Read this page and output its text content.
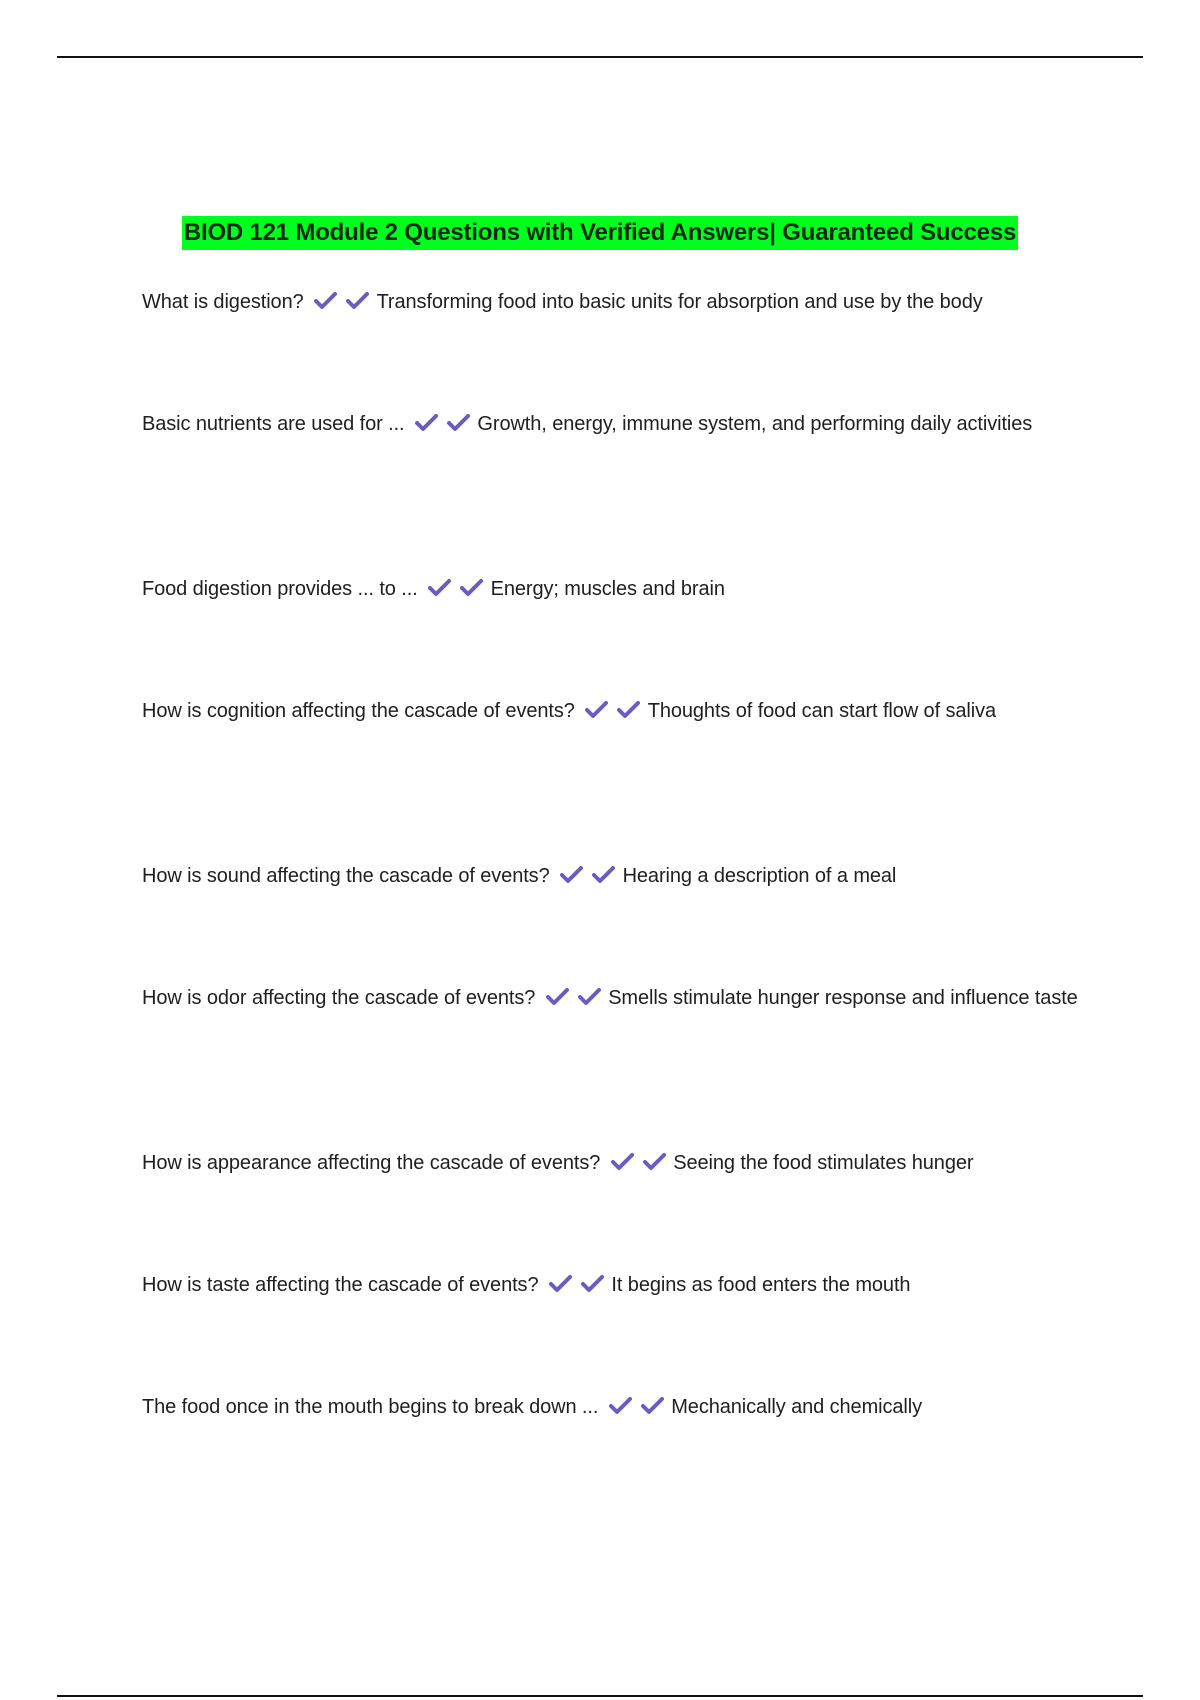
BIOD 121 Module 2 Questions with Verified Answers| Guaranteed Success
What is digestion?	Transforming food into basic units for absorption and use by the body
Basic nutrients are used for ...	Growth, energy, immune system, and performing daily activities
Food digestion provides ... to ...	Energy; muscles and brain
How is cognition affecting the cascade of events?	Thoughts of food can start flow of saliva
How is sound affecting the cascade of events?	Hearing a description of a meal
How is odor affecting the cascade of events?	Smells stimulate hunger response and influence taste
How is appearance affecting the cascade of events?	Seeing the food stimulates hunger
How is taste affecting the cascade of events?	It begins as food enters the mouth
The food once in the mouth begins to break down ...	Mechanically and chemically
